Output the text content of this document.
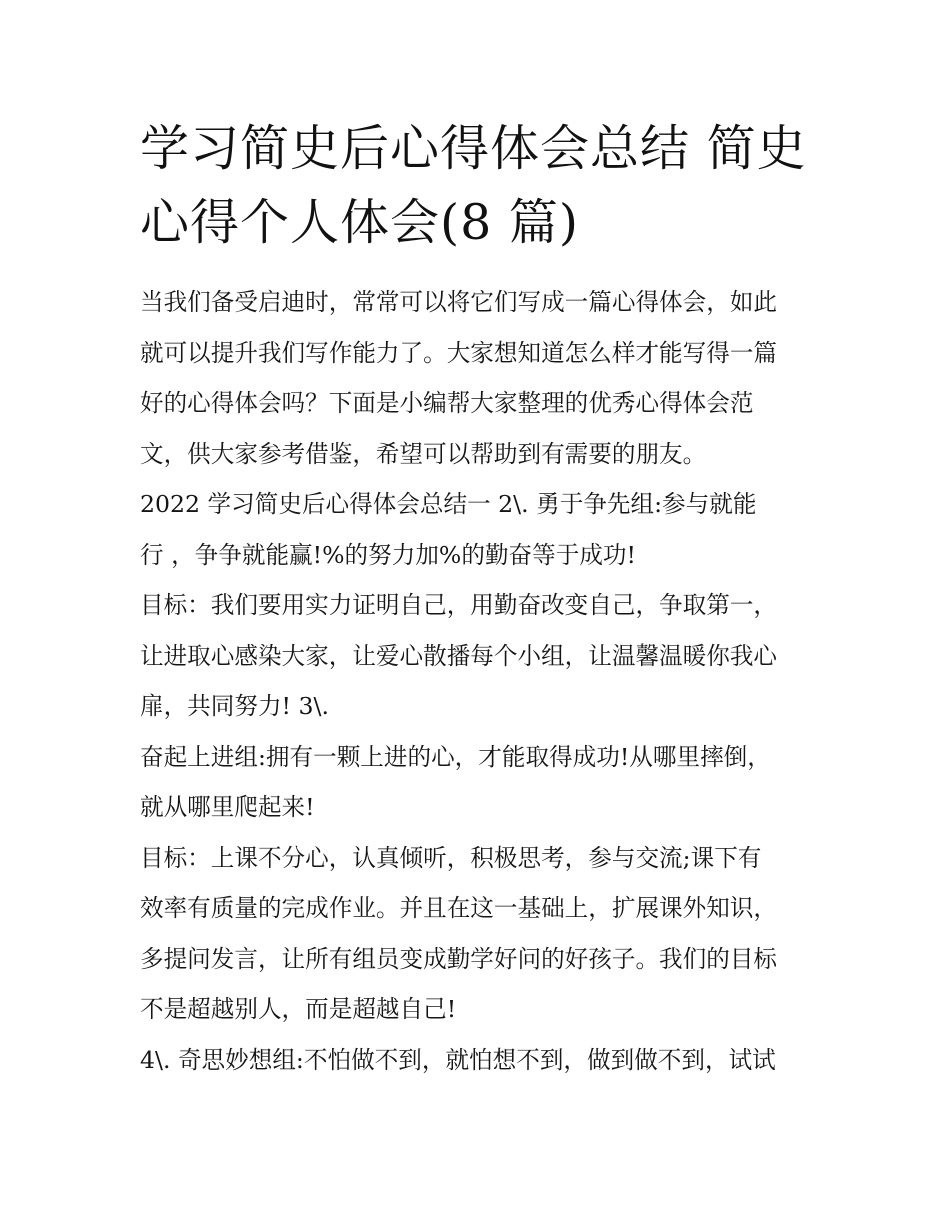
学习简史后心得体会总结 简史
心得个人体会(8 篇)

当我们备受启迪时，常常可以将它们写成一篇心得体会，如此
就可以提升我们写作能力了。大家想知道怎么样才能写得一篇
好的心得体会吗？下面是小编帮大家整理的优秀心得体会范
文，供大家参考借鉴，希望可以帮助到有需要的朋友。

2022 学习简史后心得体会总结一 2\. 勇于争先组:参与就能
行 ，争争就能赢!%的努力加%的勤奋等于成功!

目标：我们要用实力证明自己，用勤奋改变自己，争取第一，
让进取心感染大家，让爱心散播每个小组，让温馨温暖你我心
扉，共同努力! 3\.

奋起上进组:拥有一颗上进的心，才能取得成功!从哪里摔倒，
就从哪里爬起来!

目标：上课不分心，认真倾听，积极思考，参与交流;课下有
效率有质量的完成作业。并且在这一基础上，扩展课外知识，
多提问发言，让所有组员变成勤学好问的好孩子。我们的目标
不是超越别人，而是超越自己!

4\. 奇思妙想组:不怕做不到，就怕想不到，做到做不到，试试
